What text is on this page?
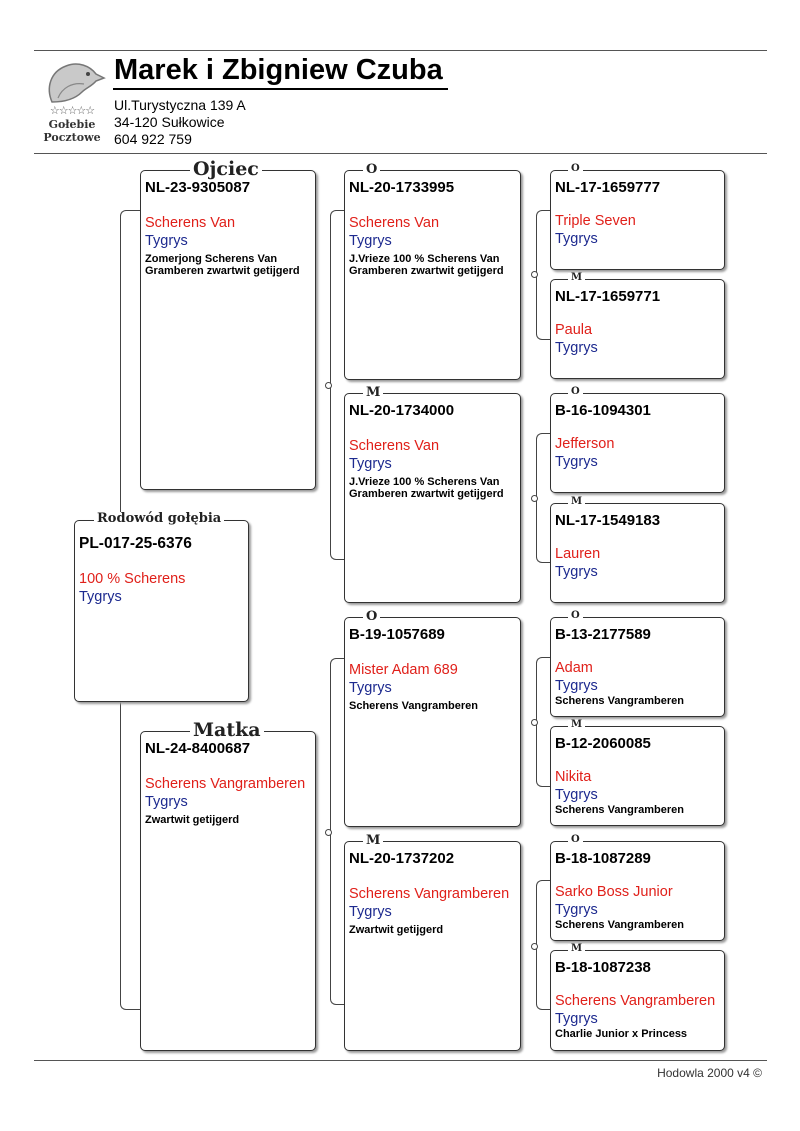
☆☆☆☆☆
Gołebie
Pocztowe
Marek i Zbigniew Czuba
Ul.Turystyczna 139 A
34-120 Sułkowice
604 922 759
PL-017-25-6376
100 % Scherens
Tygrys
Rodowód gołębia
NL-23-9305087
Scherens Van
Tygrys
Zomerjong Scherens Van Gramberen zwartwit getijgerd
Ojciec
NL-24-8400687
Scherens Vangramberen
Tygrys
Zwartwit getijgerd
Matka
NL-20-1733995
Scherens Van
Tygrys
J.Vrieze 100 % Scherens Van Gramberen zwartwit getijgerd
O
NL-20-1734000
Scherens Van
Tygrys
J.Vrieze 100 % Scherens Van Gramberen zwartwit getijgerd
M
B-19-1057689
Mister Adam 689
Tygrys
Scherens Vangramberen
O
NL-20-1737202
Scherens Vangramberen
Tygrys
Zwartwit getijgerd
M
NL-17-1659777
Triple Seven
Tygrys
O
NL-17-1659771
Paula
Tygrys
M
B-16-1094301
Jefferson
Tygrys
O
NL-17-1549183
Lauren
Tygrys
M
B-13-2177589
Adam
Tygrys
Scherens Vangramberen
O
B-12-2060085
Nikita
Tygrys
Scherens Vangramberen
M
B-18-1087289
Sarko Boss Junior
Tygrys
Scherens Vangramberen
O
B-18-1087238
Scherens Vangramberen
Tygrys
Charlie Junior x Princess
M
Hodowla 2000 v4 ©
